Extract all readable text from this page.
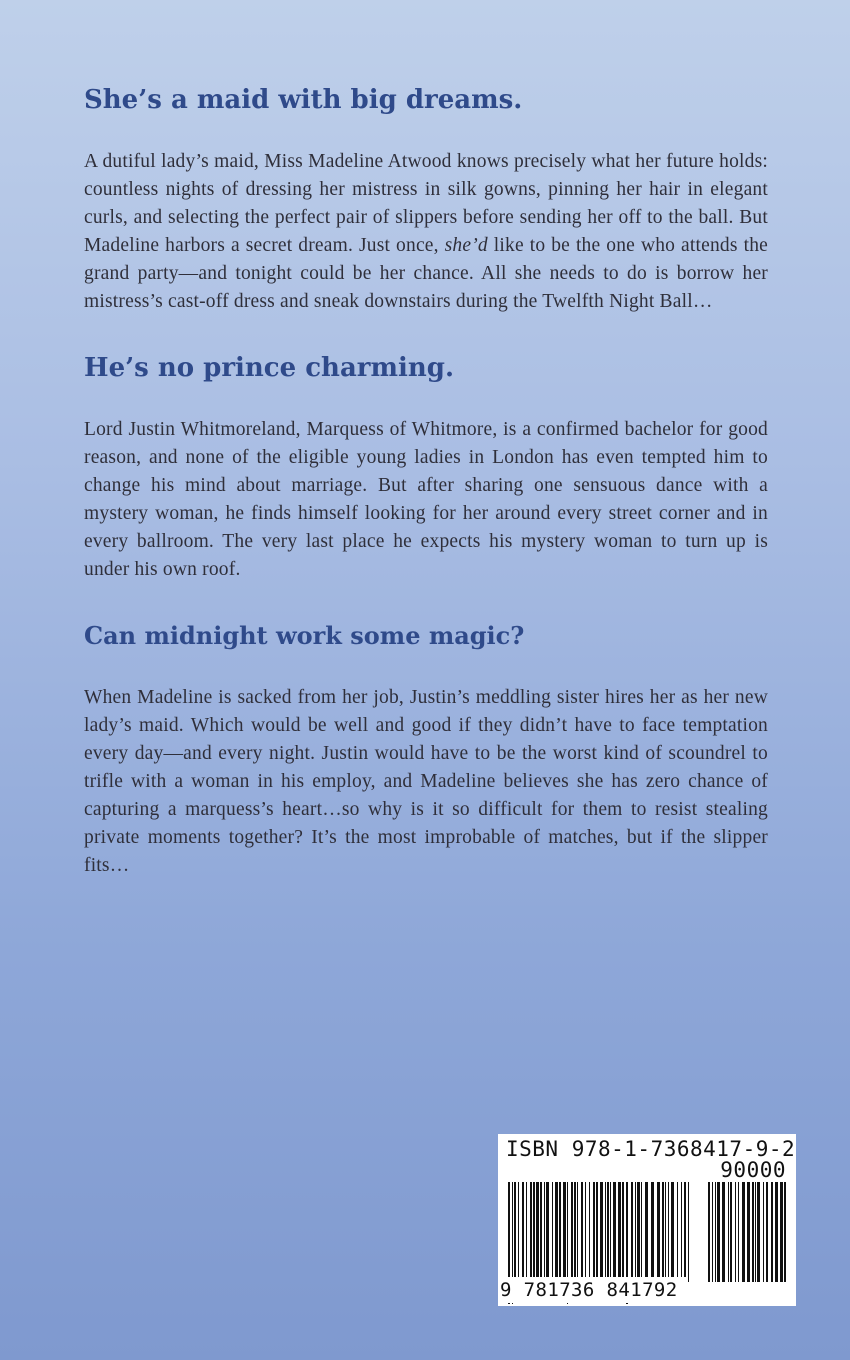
She’s a maid with big dreams.

A dutiful lady’s maid, Miss Madeline Atwood knows precisely what her future holds: countless nights of dressing her mistress in silk gowns, pinning her hair in elegant curls, and selecting the perfect pair of slippers before sending her off to the ball. But Madeline harbors a secret dream. Just once, she’d like to be the one who attends the grand party—and tonight could be her chance. All she needs to do is borrow her mistress’s cast-off dress and sneak downstairs during the Twelfth Night Ball…

He’s no prince charming.

Lord Justin Whitmoreland, Marquess of Whitmore, is a confirmed bachelor for good reason, and none of the eligible young ladies in London has even tempted him to change his mind about marriage. But after sharing one sensuous dance with a mystery woman, he finds himself looking for her around every street corner and in every ballroom. The very last place he expects his mystery woman to turn up is under his own roof.

Can midnight work some magic?

When Madeline is sacked from her job, Justin’s meddling sister hires her as her new lady’s maid. Which would be well and good if they didn’t have to face temptation every day—and every night. Justin would have to be the worst kind of scoundrel to trifle with a woman in his employ, and Madeline believes she has zero chance of capturing a marquess’s heart…so why is it so difficult for them to resist stealing private moments together? It’s the most improbable of matches, but if the slipper fits…

ISBN 978-1-7368417-9-2
90000
9 781736 841792
